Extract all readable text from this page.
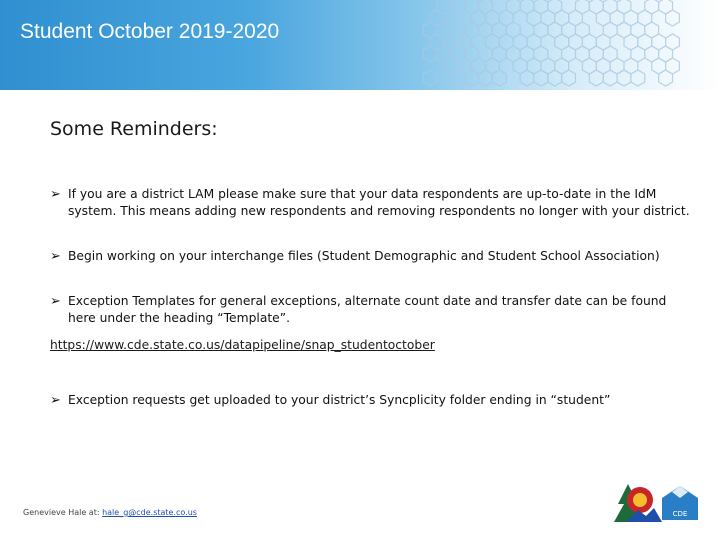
Student October 2019-2020
Some Reminders:
➢ If you are a district LAM please make sure that your data respondents are up-to-date in the IdM system. This means adding new respondents and removing respondents no longer with your district.
➢ Begin working on your interchange files (Student Demographic and Student School Association)
➢ Exception Templates for general exceptions, alternate count date and transfer date can be found here under the heading “Template”.
➢ Exception requests get uploaded to your district’s Syncplicity folder ending in “student”
https://www.cde.state.co.us/datapipeline/snap_studentoctober
Genevieve Hale at: hale_g@cde.state.co.us	CDE
